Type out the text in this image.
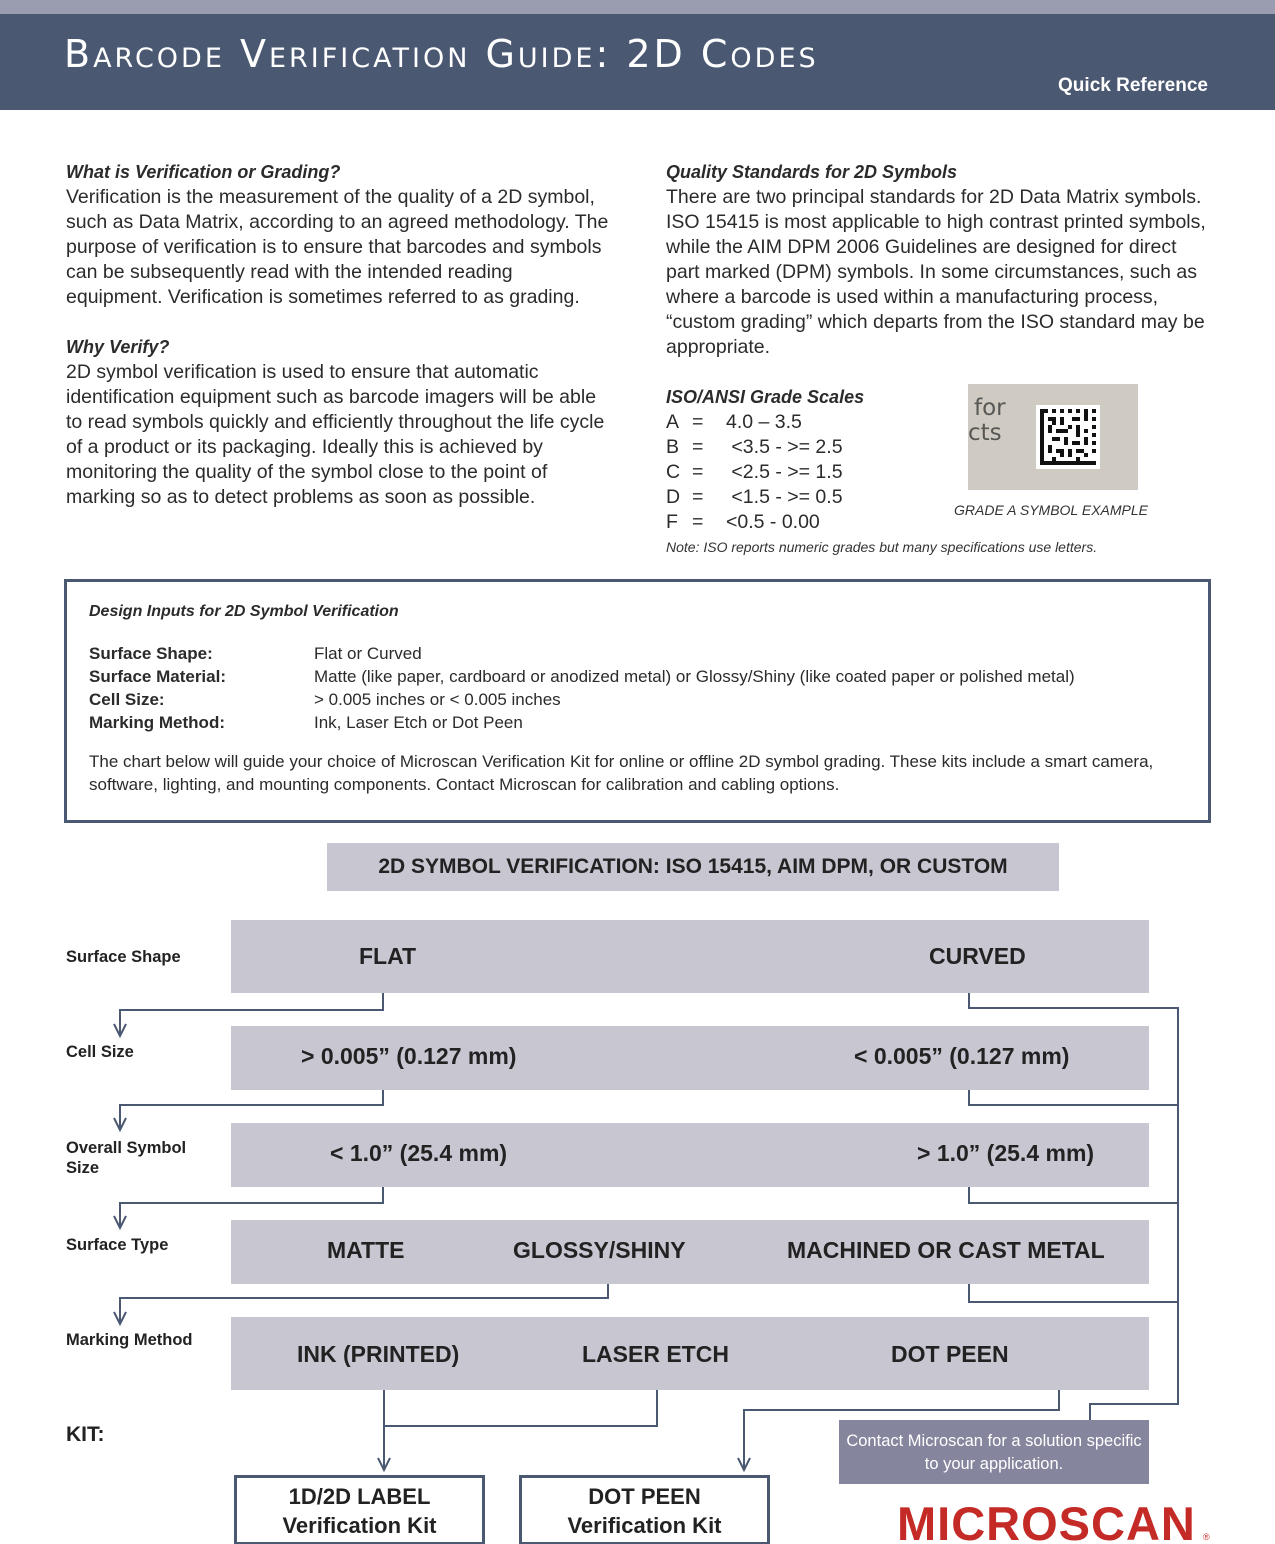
Barcode Verification Guide: 2D Codes
Quick Reference
What is Verification or Grading?
Verification is the measurement of the quality of a 2D symbol, such as Data Matrix, according to an agreed methodology. The purpose of verification is to ensure that barcodes and symbols can be subsequently read with the intended reading equipment. Verification is sometimes referred to as grading.
Why Verify?
2D symbol verification is used to ensure that automatic identification equipment such as barcode imagers will be able to read symbols quickly and efficiently throughout the life cycle of a product or its packaging. Ideally this is achieved by monitoring the quality of the symbol close to the point of marking so as to detect problems as soon as possible.
Quality Standards for 2D Symbols
There are two principal standards for 2D Data Matrix symbols. ISO 15415 is most applicable to high contrast printed symbols, while the AIM DPM 2006 Guidelines are designed for direct part marked (DPM) symbols. In some circumstances, such as where a barcode is used within a manufacturing process, “custom grading” which departs from the ISO standard may be appropriate.
ISO/ANSI Grade Scales
A =	4.0 – 3.5
B =	<3.5 - >= 2.5
C =	<2.5 - >= 1.5
D =	<1.5 - >= 0.5
F =	<0.5 - 0.00
for
cts
GRADE A SYMBOL EXAMPLE
Note: ISO reports numeric grades but many specifications use letters.
Design Inputs for 2D Symbol Verification
Surface Shape:	Flat or Curved
Surface Material:	Matte (like paper, cardboard or anodized metal) or Glossy/Shiny (like coated paper or polished metal)
Cell Size:	> 0.005 inches or < 0.005 inches
Marking Method:	Ink, Laser Etch or Dot Peen
The chart below will guide your choice of Microscan Verification Kit for online or offline 2D symbol grading. These kits include a smart camera, software, lighting, and mounting components. Contact Microscan for calibration and cabling options.
2D SYMBOL VERIFICATION: ISO 15415, AIM DPM, OR CUSTOM
Surface Shape
Cell Size
Overall Symbol Size
Surface Type
Marking Method
FLAT	CURVED
> 0.005” (0.127 mm)	< 0.005” (0.127 mm)
< 1.0” (25.4 mm)	> 1.0” (25.4 mm)
MATTE	GLOSSY/SHINY	MACHINED OR CAST METAL
INK (PRINTED)	LASER ETCH	DOT PEEN
KIT:
1D/2D LABEL
Verification Kit
DOT PEEN
Verification Kit
Contact Microscan for a solution specific to your application.
MICROSCAN ®
